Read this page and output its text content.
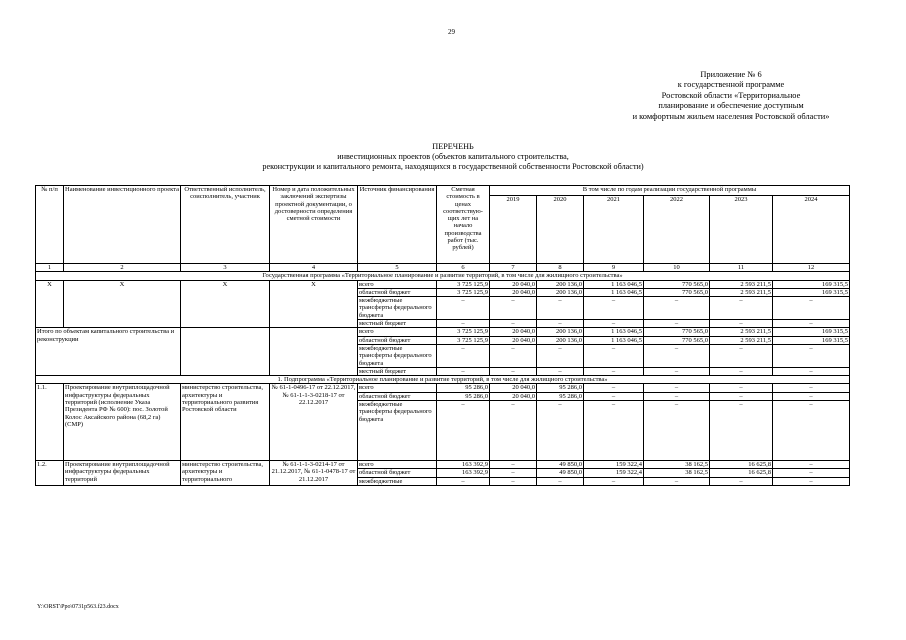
29
Приложение № 6
к государственной программе
Ростовской области «Территориальное
планирование и обеспечение доступным
и комфортным жильем населения Ростовской области»
ПЕРЕЧЕНЬ
инвестиционных проектов (объектов капитального строительства,
реконструкции и капитального ремонта, находящихся в государственной собственности Ростовской области)
№ п/п	Наименование инвестиционного проекта	Ответственный исполнитель, соисполнитель, участник	Номер и дата положительных заключений экспертизы проектной документации, о достоверности определения сметной стоимости	Источник финансирования	Сметная стоимость в ценах соответствую-щих лет на начало производства работ (тыс. рублей)	В том числе по годам реализации государственной программы					
						2019	2020	2021	2022	2023	2024
1	2	3	4	5	6	7	8	9	10	11	12
Государственная программа «Территориальное планирование и развитие территорий, в том числе для жилищного строительства»											
X	X	X	X	всего	3 725 125,9	20 040,0	200 136,0	1 163 046,5	770 565,0	2 593 211,5	169 315,5
				областной бюджет	3 725 125,9	20 040,0	200 136,0	1 163 046,5	770 565,0	2 593 211,5	169 315,5
				межбюджетные трансферты федерального бюджета	–	–	–	–	–	–	–
				местный бюджет	–	–	–	–	–	–	–
Итого по объектам капитального строительства и реконструкции				всего	3 725 125,9	20 040,0	200 136,0	1 163 046,5	770 565,0	2 593 211,5	169 315,5
				областной бюджет	3 725 125,9	20 040,0	200 136,0	1 163 046,5	770 565,0	2 593 211,5	169 315,5
				межбюджетные трансферты федерального бюджета	–	–	–	–	–	–	–
				местный бюджет	–	–	–	–	–	–	–
1. Подпрограмма «Территориальное планирование и развитие территорий, в том числе для жилищного строительства»											
1.1.	Проектирование внутриплощадочной инфраструктуры федеральных территорий (исполнение Указа Президента РФ № 600): пос. Золотой Колос Аксайского района (68,2 га) (СМР)	министерство строительства, архитектуры и территориального развития Ростовской области	№ 61-1-0496-17 от 22.12.2017, № 61-1-1-3-0218-17 от 22.12.2017	всего	95 286,0	20 040,0	95 286,0	–	–	–	–
				областной бюджет	95 286,0	20 040,0	95 286,0	–	–	–	–
				межбюджетные трансферты федерального бюджета	–	–	–	–	–	–	–
1.2.	Проектирование внутриплощадочной инфраструктуры федеральных территорий	министерство строительства, архитектуры и территориального	№ 61-1-1-3-0214-17 от 21.12.2017, № 61-1-0478-17 от 21.12.2017	всего	163 392,9	–	49 850,0	159 322,4	38 162,5	16 625,8	–
				областной бюджет	163 392,9	–	49 850,0	159 322,4	38 162,5	16 625,8	–
				межбюджетные	–	–	–	–	–	–	–
Y:\ORST\Ppo\0731p563.f23.docx
